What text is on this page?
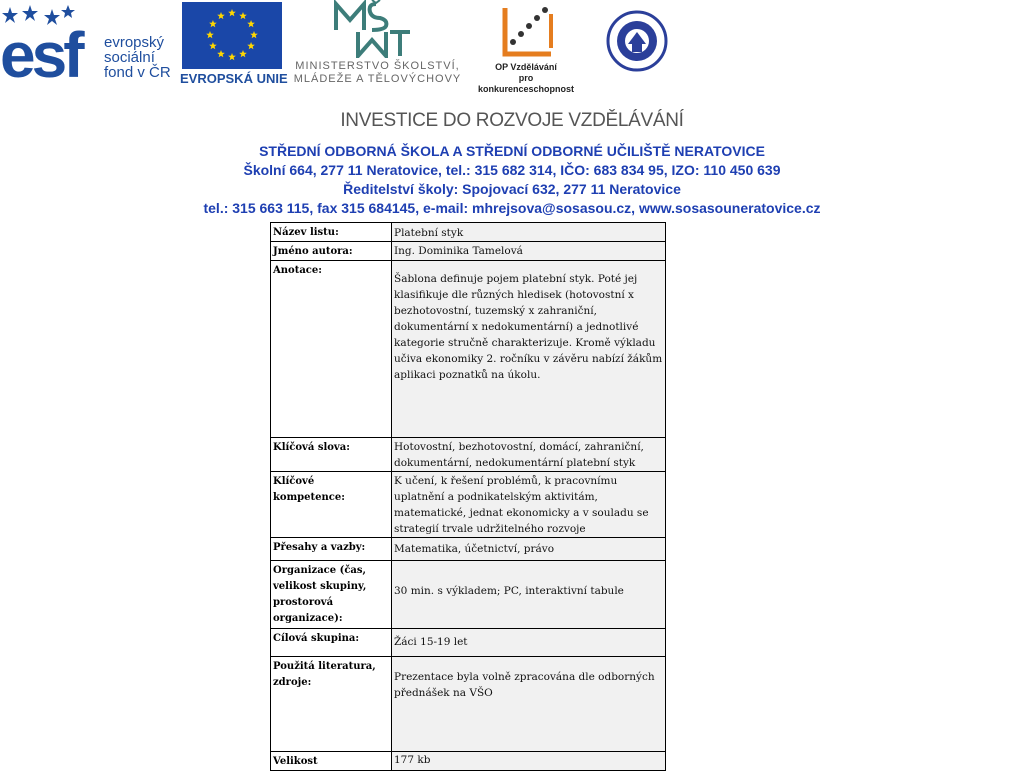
esf evropský
sociální
fond v ČR EVROPSKÁ UNIE
MINISTERSTVO ŠKOLSTVÍ,
MLÁDEŽE A TĚLOVÝCHOVY
OP Vzdělávání
pro konkurenceschopnost
INVESTICE DO ROZVOJE VZDĚLÁVÁNÍ
STŘEDNÍ ODBORNÁ ŠKOLA A STŘEDNÍ ODBORNÉ UČILIŠTĚ NERATOVICE
Školní 664, 277 11 Neratovice, tel.: 315 682 314, IČO: 683 834 95, IZO: 110 450 639
Ředitelství školy: Spojovací 632, 277 11 Neratovice
tel.: 315 663 115, fax 315 684145, e-mail: mhrejsova@sosasou.cz, www.sosasouneratovice.cz
Název listu:	Platební styk
Jméno autora:	Ing. Dominika Tamelová
Anotace:	Šablona definuje pojem platební styk. Poté jej klasifikuje dle různých hledisek (hotovostní x bezhotovostní, tuzemský x zahraniční, dokumentární x nedokumentární) a jednotlivé kategorie stručně charakterizuje. Kromě výkladu učiva ekonomiky 2. ročníku v závěru nabízí žákům aplikaci poznatků na úkolu.
Klíčová slova:	Hotovostní, bezhotovostní, domácí, zahraniční, dokumentární, nedokumentární platební styk
Klíčové kompetence:	K učení, k řešení problémů, k pracovnímu uplatnění a podnikatelským aktivitám, matematické, jednat ekonomicky a v souladu se strategií trvale udržitelného rozvoje
Přesahy a vazby:	Matematika, účetnictví, právo
Organizace (čas, velikost skupiny, prostorová organizace):	30 min. s výkladem; PC, interaktivní tabule
Cílová skupina:	Žáci 15-19 let
Použitá literatura, zdroje:	Prezentace byla volně zpracována dle odborných přednášek na VŠO
Velikost	177 kb
